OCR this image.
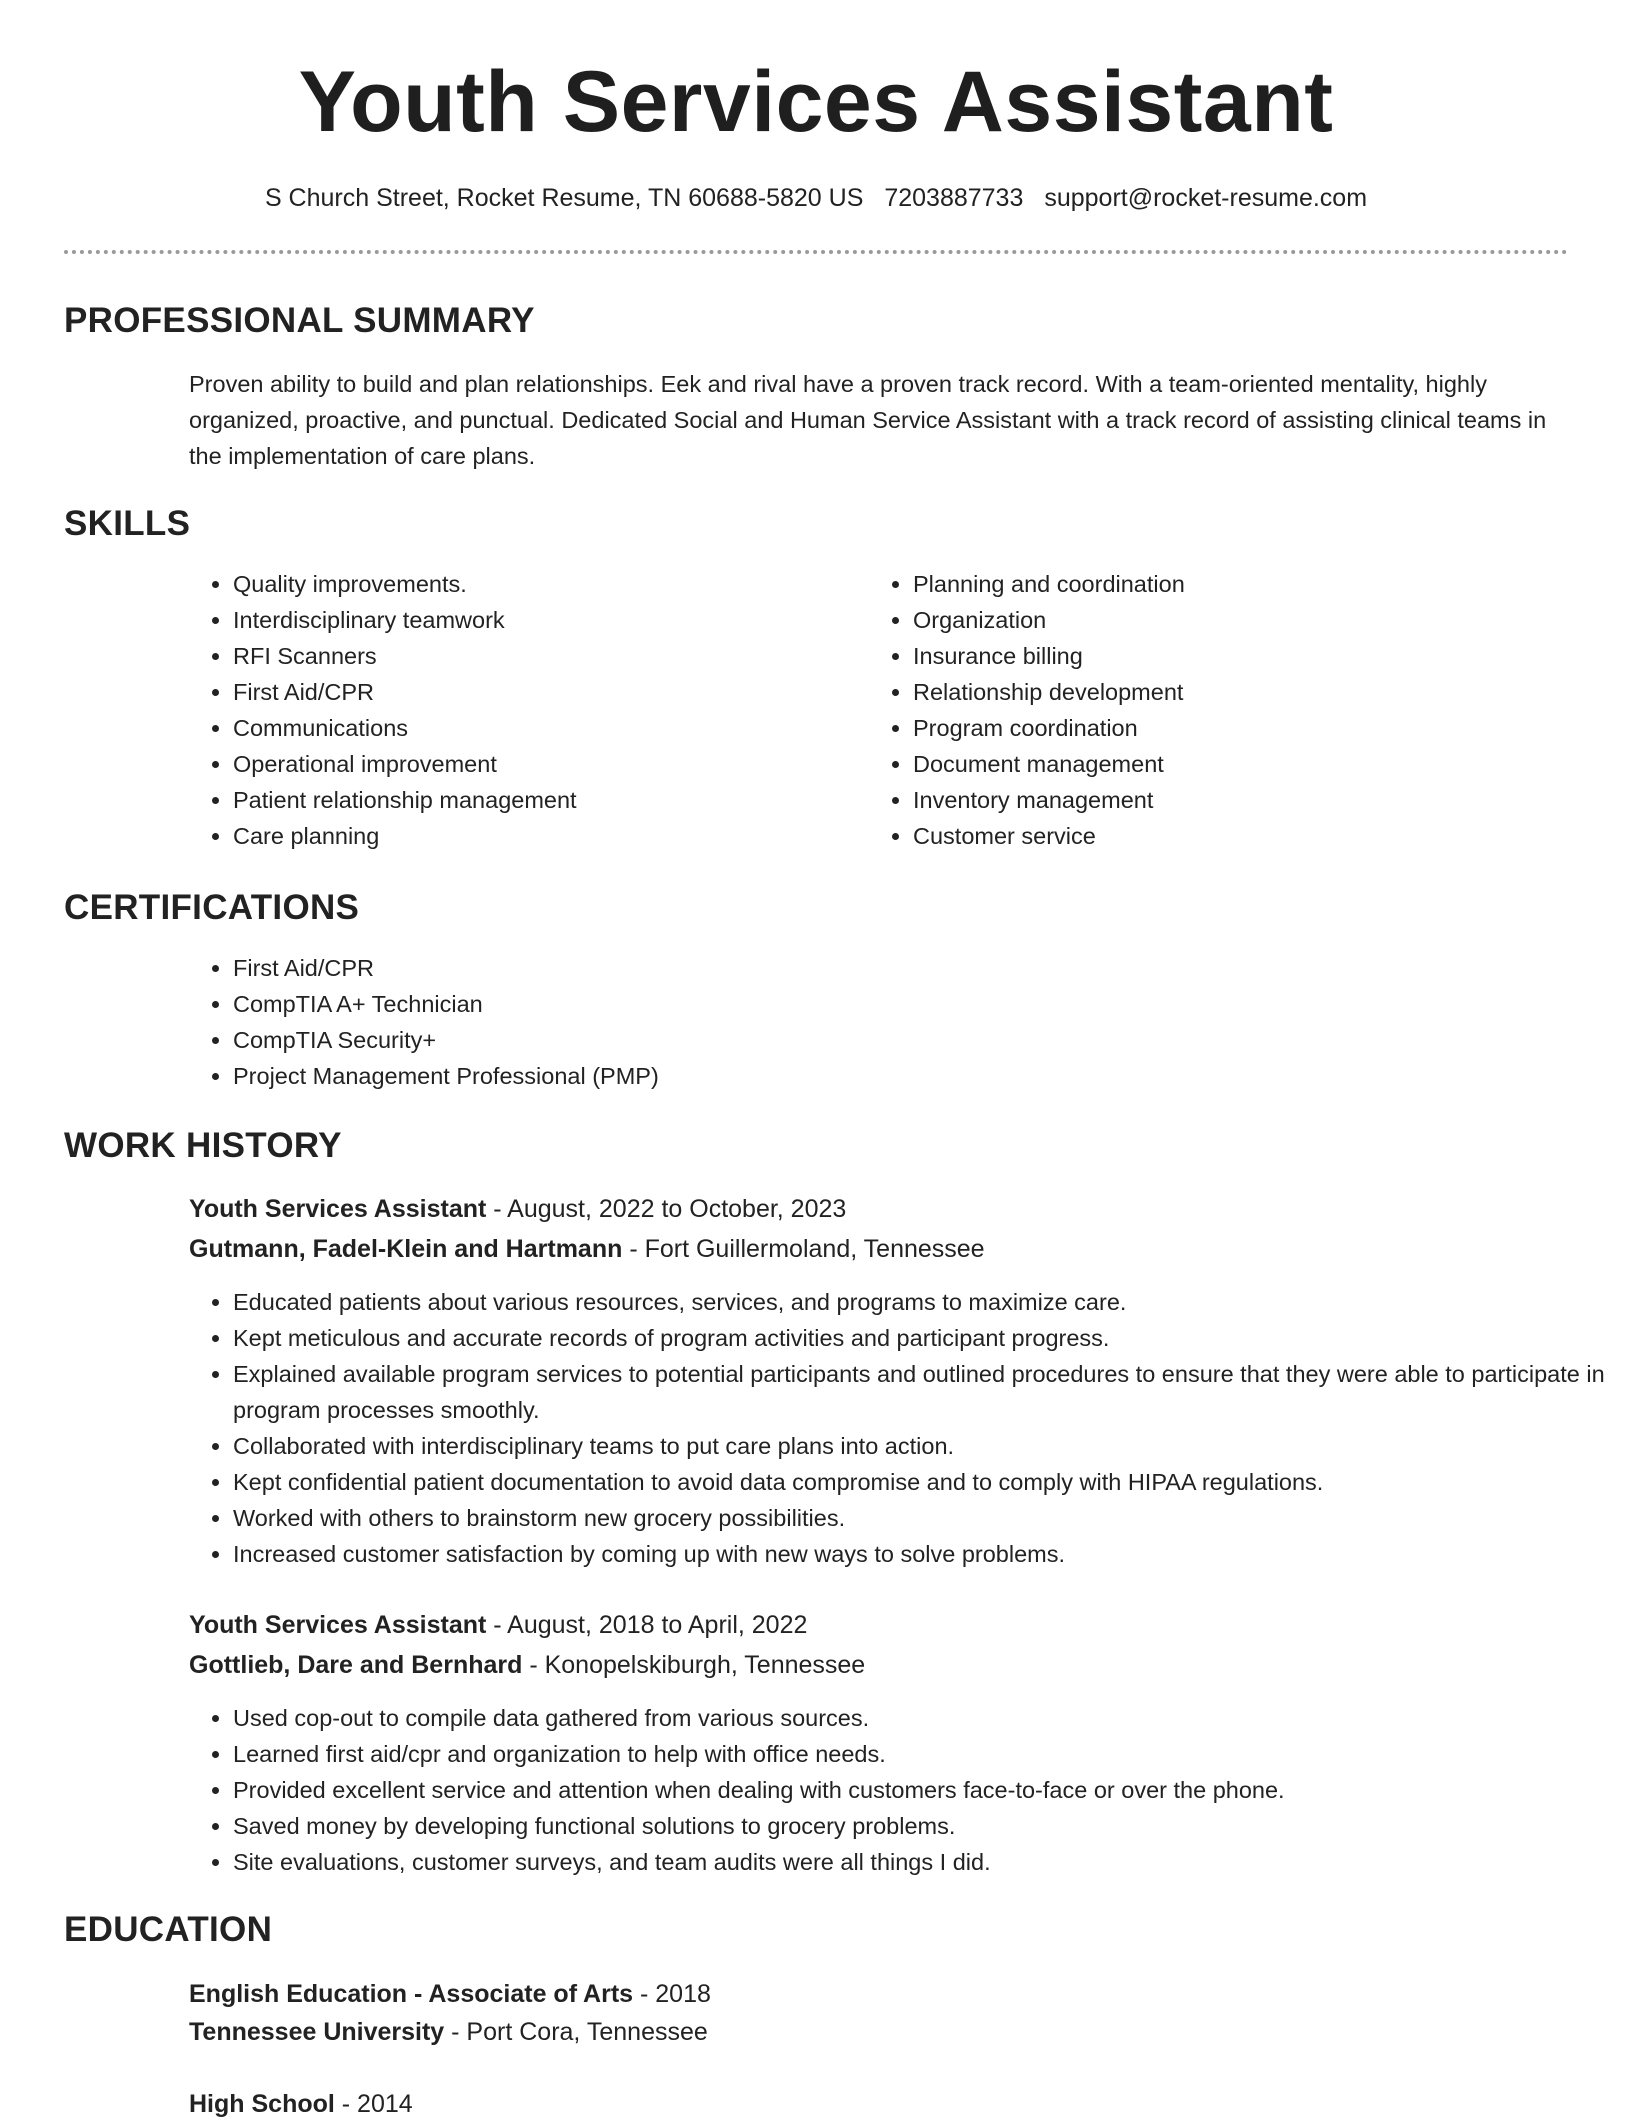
Youth Services Assistant
S Church Street, Rocket Resume, TN 60688-5820 US 7203887733 support@rocket-resume.com
PROFESSIONAL SUMMARY
Proven ability to build and plan relationships. Eek and rival have a proven track record. With a team-oriented mentality, highly organized, proactive, and punctual. Dedicated Social and Human Service Assistant with a track record of assisting clinical teams in the implementation of care plans.
SKILLS
• Quality improvements.
• Interdisciplinary teamwork
• RFI Scanners
• First Aid/CPR
• Communications
• Operational improvement
• Patient relationship management
• Care planning
• Planning and coordination
• Organization
• Insurance billing
• Relationship development
• Program coordination
• Document management
• Inventory management
• Customer service
CERTIFICATIONS
• First Aid/CPR
• CompTIA A+ Technician
• CompTIA Security+
• Project Management Professional (PMP)
WORK HISTORY
Youth Services Assistant - August, 2022 to October, 2023
Gutmann, Fadel-Klein and Hartmann - Fort Guillermoland, Tennessee
• Educated patients about various resources, services, and programs to maximize care.
• Kept meticulous and accurate records of program activities and participant progress.
• Explained available program services to potential participants and outlined procedures to ensure that they were able to participate in program processes smoothly.
• Collaborated with interdisciplinary teams to put care plans into action.
• Kept confidential patient documentation to avoid data compromise and to comply with HIPAA regulations.
• Worked with others to brainstorm new grocery possibilities.
• Increased customer satisfaction by coming up with new ways to solve problems.
Youth Services Assistant - August, 2018 to April, 2022
Gottlieb, Dare and Bernhard - Konopelskiburgh, Tennessee
• Used cop-out to compile data gathered from various sources.
• Learned first aid/cpr and organization to help with office needs.
• Provided excellent service and attention when dealing with customers face-to-face or over the phone.
• Saved money by developing functional solutions to grocery problems.
• Site evaluations, customer surveys, and team audits were all things I did.
EDUCATION
English Education - Associate of Arts - 2018
Tennessee University - Port Cora, Tennessee
High School - 2014
